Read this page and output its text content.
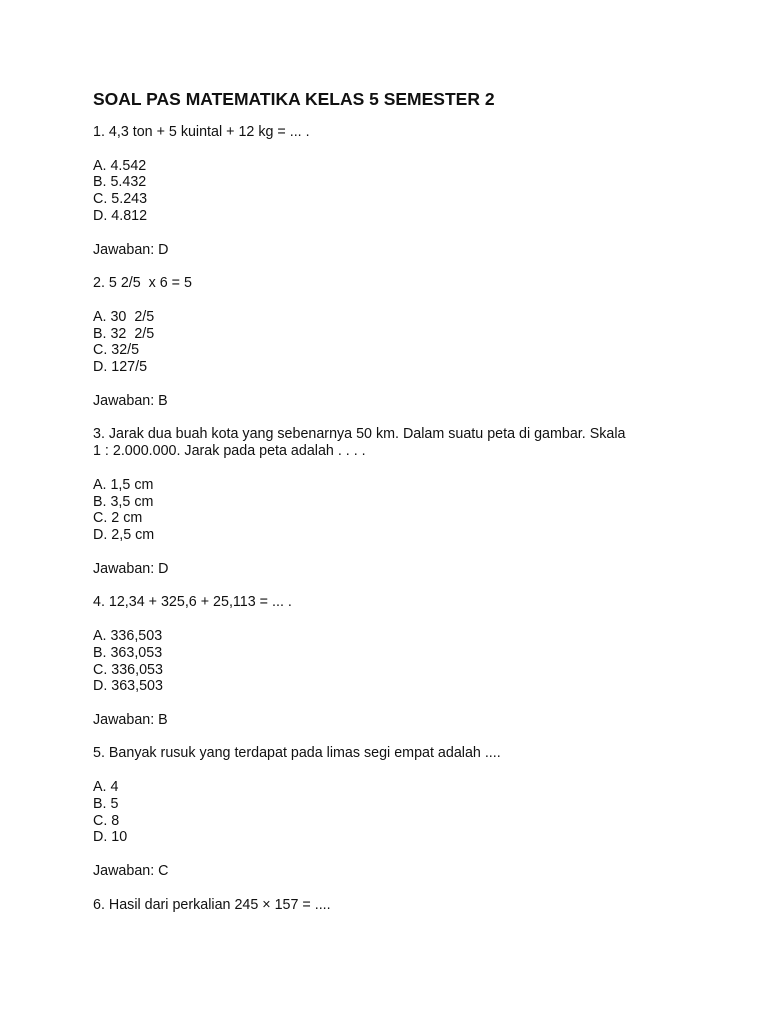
SOAL PAS MATEMATIKA KELAS 5 SEMESTER 2

1. 4,3 ton + 5 kuintal + 12 kg = ... .

A. 4.542

B. 5.432

C. 5.243

D. 4.812

Jawaban: D

2. 5 2/5  x 6 = 5

A. 30  2/5

B. 32  2/5

C. 32/5

D. 127/5

Jawaban: B

3. Jarak dua buah kota yang sebenarnya 50 km. Dalam suatu peta di gambar. Skala

1 : 2.000.000. Jarak pada peta adalah . . . .

A. 1,5 cm

B. 3,5 cm

C. 2 cm

D. 2,5 cm

Jawaban: D

4. 12,34 + 325,6 + 25,113 = ... .

A. 336,503

B. 363,053

C. 336,053

D. 363,503

Jawaban: B

5. Banyak rusuk yang terdapat pada limas segi empat adalah ....

A. 4

B. 5

C. 8

D. 10

Jawaban: C

6. Hasil dari perkalian 245 × 157 = ....
